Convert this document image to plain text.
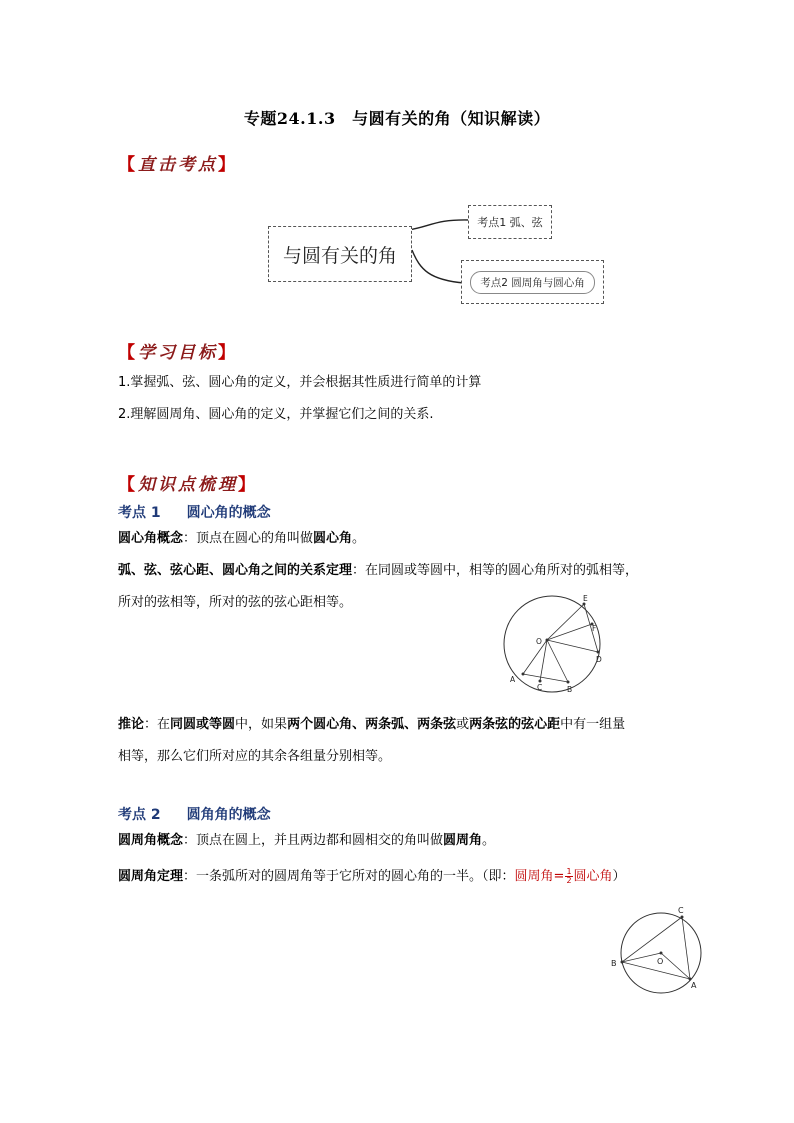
专题24.1.3　与圆有关的角（知识解读）
【直击考点】
与圆有关的角
考点1 弧、弦
考点2 圆周角与圆心角
【学习目标】
1.掌握弧、弦、圆心角的定义，并会根据其性质进行简单的计算
2.理解圆周角、圆心角的定义，并掌握它们之间的关系.
【知识点梳理】
考点 1 圆心角的概念
圆心角概念：顶点在圆心的角叫做圆心角。
弧、弦、弦心距、圆心角之间的关系定理：在同圆或等圆中，相等的圆心角所对的弧相等，
所对的弦相等，所对的弦的弦心距相等。	E
F
O
D
A
C	B
推论：在同圆或等圆中，如果两个圆心角、两条弧、两条弦或两条弦的弦心距中有一组量
相等，那么它们所对应的其余各组量分别相等。
考点 2 圆角角的概念
圆周角概念：顶点在圆上，并且两边都和圆相交的角叫做圆周角。
圆周角定理：一条弧所对的圆周角等于它所对的圆心角的一半。（即：圆周角= $\frac{1}{2}$ 圆心角）
C
B	O
A
